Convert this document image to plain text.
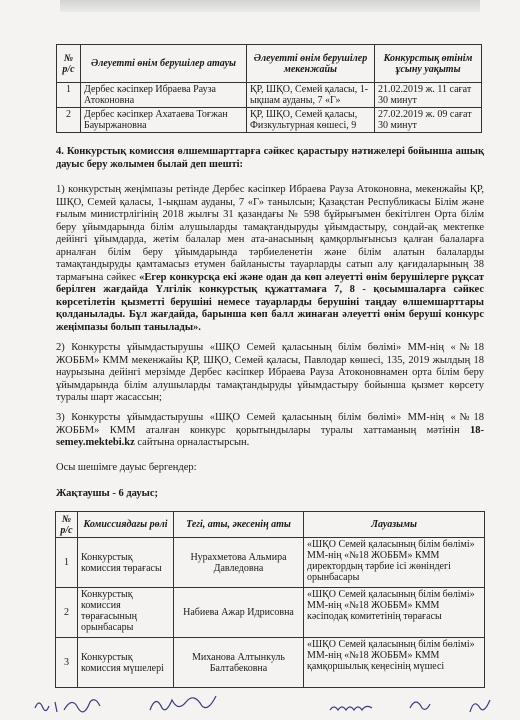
№ р/с	Әлеуетті өнім берушілер атауы	Әлеуетті өнім берушілер мекенжайы	Конкурстық өтінім ұсыну уақыты
1	Дербес кәсіпкер Ибраева Рауза Атоконовна	ҚР, ШҚО, Семей қаласы, 1-ықшам ауданы, 7 «Г»	21.02.2019 ж. 11 сағат 30 минут
2	Дербес кәсіпкер Ахатаева Тоғжан Бауыржановна	ҚР, ШҚО, Семей қаласы, Физкультурная көшесі, 9	27.02.2019 ж. 09 сағат 30 минут
4. Конкурстық комиссия өлшемшарттарға сәйкес қарастыру нәтижелері бойынша ашық дауыс беру жолымен былай деп шешті:
1) конкурстың жеңімпазы ретінде Дербес кәсіпкер Ибраева Рауза Атоконовна, мекенжайы ҚР, ШҚО, Семей қаласы, 1-ықшам ауданы, 7 «Г» танылсын; Қазақстан Республикасы Білім және ғылым министрлігінің 2018 жылғы 31 қазандағы № 598 бұйрығымен бекітілген Орта білім беру ұйымдарында білім алушыларды тамақтандыруды ұйымдастыру, сондай-ақ мектепке дейінгі ұйымдарда, жетім балалар мен ата-анасының қамқорлығынсыз қалған балаларға арналған білім беру ұйымдарында тәрбиеленетін және білім алатын балаларды тамақтандыруды қамтамасыз етумен байланысты тауарларды сатып алу қағидаларының 38 тармағына сәйкес «Егер конкурсқа екі және одан да көп әлеуетті өнім берушілерге рұқсат берілген жағдайда Үлгілік конкурстық құжаттамаға 7, 8 - қосымшаларға сәйкес көрсетілетін қызметті берушіні немесе тауарларды берушіні таңдау өлшемшарттары қолданылады. Бұл жағдайда, барынша көп балл жинаған әлеуетті өнім беруші конкурс жеңімпазы болып танылады».
2) Конкурсты ұйымдастырушы «ШҚО Семей қаласының білім бөлімі» ММ-нің «№18 ЖОББМ» КММ мекенжайы ҚР, ШҚО, Семей қаласы, Павлодар көшесі, 135, 2019 жылдың 18 наурызына дейінгі мерзімде Дербес кәсіпкер Ибраева Рауза Атоконовнамен орта білім беру ұйымдарында білім алушыларды тамақтандыруды ұйымдастыру бойынша қызмет көрсету туралы шарт жасассын;
3) Конкурсты ұйымдастырушы «ШҚО Семей қаласының білім бөлімі» ММ-нің «№18 ЖОББМ» КММ аталған конкурс қорытындылары туралы хаттаманың мәтінін 18-semey.mektebi.kz сайтына орналастырсын.
Осы шешімге дауыс бергендер:
Жақтаушы - 6 дауыс;
№ р/с	Комиссиядағы рөлі	Тегі, аты, әкесенің аты	Лауазымы
1	Конкурстық комиссия төрағасы	Нурахметова Альмира Давледовна	«ШҚО Семей қаласының білім бөлімі» ММ-нің «№18 ЖОББМ» КММ директордың тәрбие ісі жөніндегі орынбасары
2	Конкурстық комиссия төрағасының орынбасары	Набиева Ажар Идрисовна	«ШҚО Семей қаласының білім бөлімі» ММ-нің «№18 ЖОББМ» КММ кәсіподақ комитетінің төрағасы
3	Конкурстық комиссия мүшелері	Миханова Алтынкуль Балтабековна	«ШҚО Семей қаласының білім бөлімі» ММ-нің «№18 ЖОББМ» КММ қамқоршылық кеңесінің мүшесі
